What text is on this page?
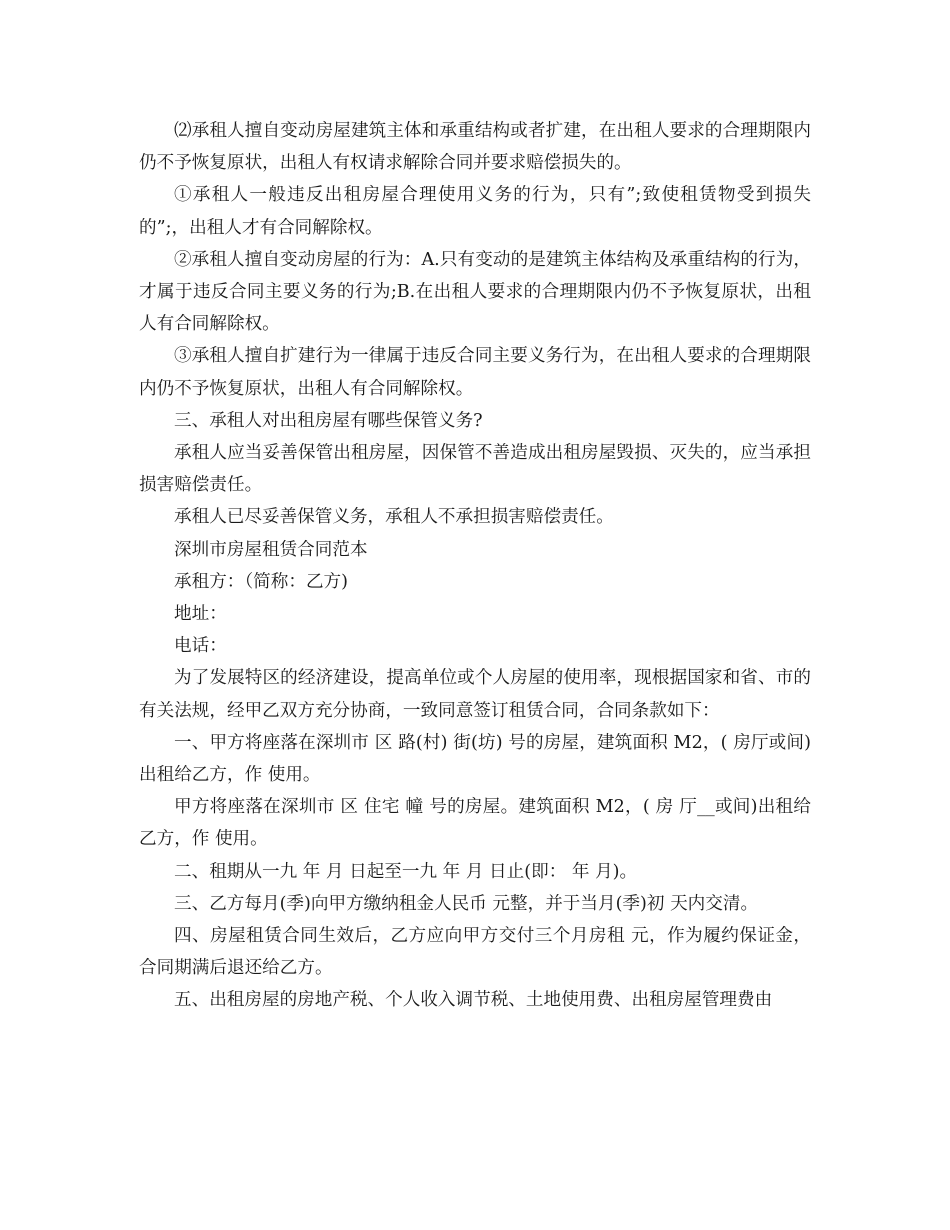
⑵承租人擅自变动房屋建筑主体和承重结构或者扩建，在出租人要求的合理期限内仍不予恢复原状，出租人有权请求解除合同并要求赔偿损失的。

①承租人一般违反出租房屋合理使用义务的行为，只有”;致使租赁物受到损失的”;，出租人才有合同解除权。

②承租人擅自变动房屋的行为：A.只有变动的是建筑主体结构及承重结构的行为，才属于违反合同主要义务的行为;B.在出租人要求的合理期限内仍不予恢复原状，出租人有合同解除权。

③承租人擅自扩建行为一律属于违反合同主要义务行为，在出租人要求的合理期限内仍不予恢复原状，出租人有合同解除权。

三、承租人对出租房屋有哪些保管义务?

承租人应当妥善保管出租房屋，因保管不善造成出租房屋毁损、灭失的，应当承担损害赔偿责任。

承租人已尽妥善保管义务，承租人不承担损害赔偿责任。

深圳市房屋租赁合同范本

承租方：（简称：乙方)

地址：

电话：

为了发展特区的经济建设，提高单位或个人房屋的使用率，现根据国家和省、市的有关法规，经甲乙双方充分协商，一致同意签订租赁合同，合同条款如下：

一、甲方将座落在深圳市 区 路(村) 街(坊) 号的房屋，建筑面积 M2，( 房厅或间)出租给乙方，作 使用。

甲方将座落在深圳市 区 住宅 幢 号的房屋。建筑面积 M2，( 房 厅__或间)出租给乙方，作 使用。

二、租期从一九 年 月 日起至一九 年 月 日止(即： 年 月)。

三、乙方每月(季)向甲方缴纳租金人民币 元整，并于当月(季)初 天内交清。

四、房屋租赁合同生效后，乙方应向甲方交付三个月房租 元，作为履约保证金，合同期满后退还给乙方。

五、出租房屋的房地产税、个人收入调节税、土地使用费、出租房屋管理费由
